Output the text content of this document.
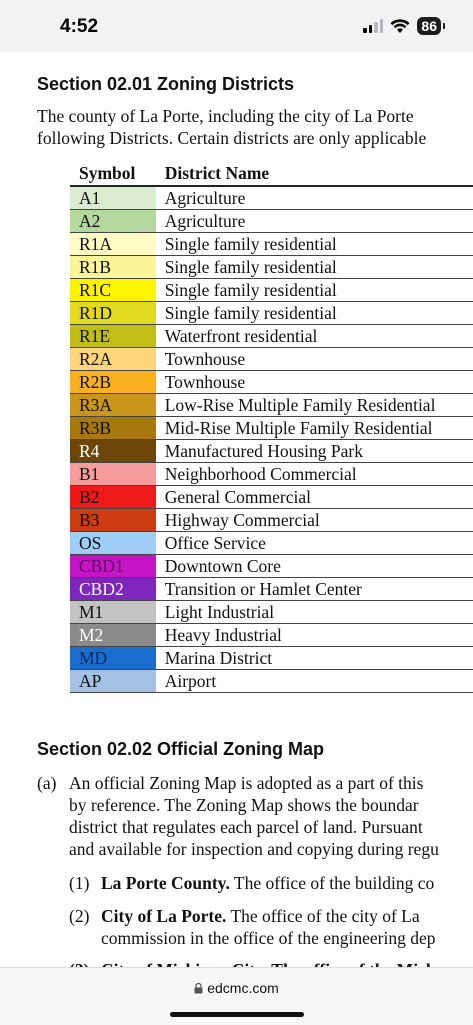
4:52	86
Section 02.01 Zoning Districts
The county of La Porte, including the city of La Porte
following Districts. Certain districts are only applicable
Symbol	District Name
A1	Agriculture
A2	Agriculture
R1A	Single family residential
R1B	Single family residential
R1C	Single family residential
R1D	Single family residential
R1E	Waterfront residential
R2A	Townhouse
R2B	Townhouse
R3A	Low-Rise Multiple Family Residential
R3B	Mid-Rise Multiple Family Residential
R4	Manufactured Housing Park
B1	Neighborhood Commercial
B2	General Commercial
B3	Highway Commercial
OS	Office Service
CBD1	Downtown Core
CBD2	Transition or Hamlet Center
M1	Light Industrial
M2	Heavy Industrial
MD	Marina District
AP	Airport
Section 02.02 Official Zoning Map
(a) An official Zoning Map is adopted as a part of this
by reference. The Zoning Map shows the boundar
district that regulates each parcel of land. Pursuant
and available for inspection and copying during regu
(1) La Porte County. The office of the building co
(2) City of La Porte. The office of the city of La
commission in the office of the engineering dep
edcmc.com
